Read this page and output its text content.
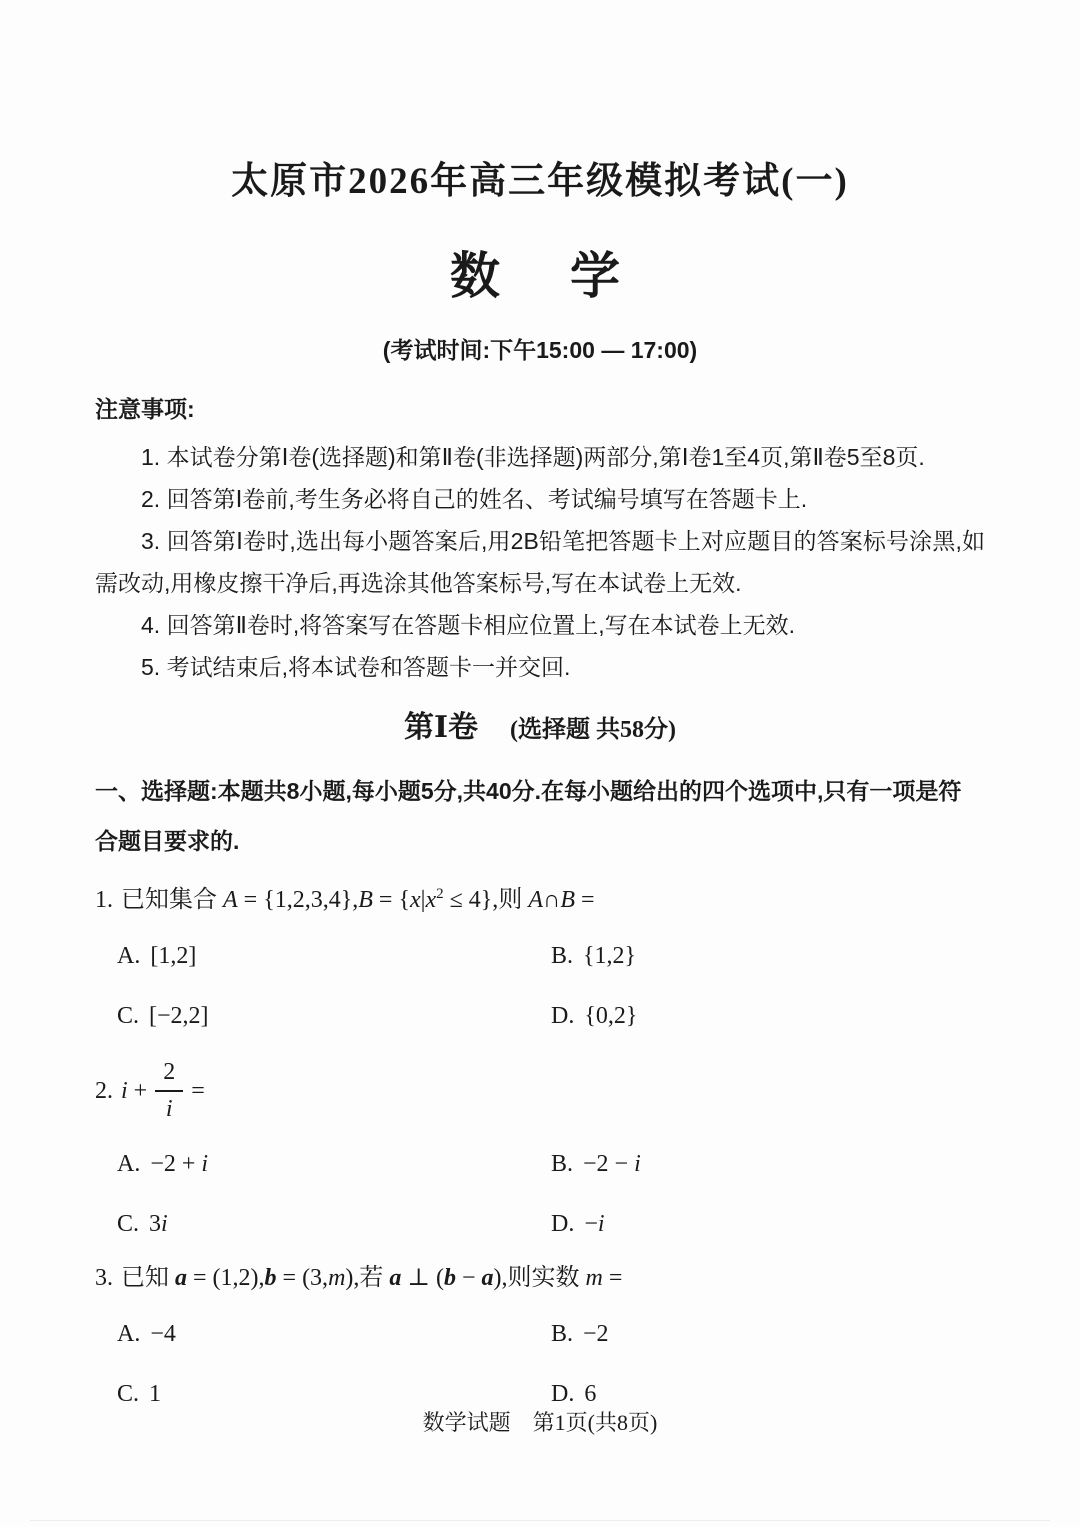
太原市2026年高三年级模拟考试(一)
数　学
(考试时间:下午15:00 — 17:00)
注意事项:

1. 本试卷分第Ⅰ卷(选择题)和第Ⅱ卷(非选择题)两部分,第Ⅰ卷1至4页,第Ⅱ卷5至8页.

2. 回答第Ⅰ卷前,考生务必将自己的姓名、考试编号填写在答题卡上.

3. 回答第Ⅰ卷时,选出每小题答案后,用2B铅笔把答题卡上对应题目的答案标号涂黑,如需改动,用橡皮擦干净后,再选涂其他答案标号,写在本试卷上无效.

4. 回答第Ⅱ卷时,将答案写在答题卡相应位置上,写在本试卷上无效.

5. 考试结束后,将本试卷和答题卡一并交回.

第Ⅰ卷 (选择题 共58分)

一、选择题:本题共8小题,每小题5分,共40分.在每小题给出的四个选项中,只有一项是符

合题目要求的.

1. 已知集合 $A = \{1,2,3,4\},B = \{x|x^2 \le 4\}$,则 A∩B =
A. [1,2]	B. {1,2}
C. [−2,2]	D. {0,2}
2. $i + \frac{2}{i}$ =
A. −2 + i	B. −2 − i
C. 3i	D. −i
3. 已知 a = (1,2),b = (3,m),若 a ⊥ (b − a),则实数 m =
A. −4	B. −2
C. 1	D. 6
数学试题　第1页(共8页)
